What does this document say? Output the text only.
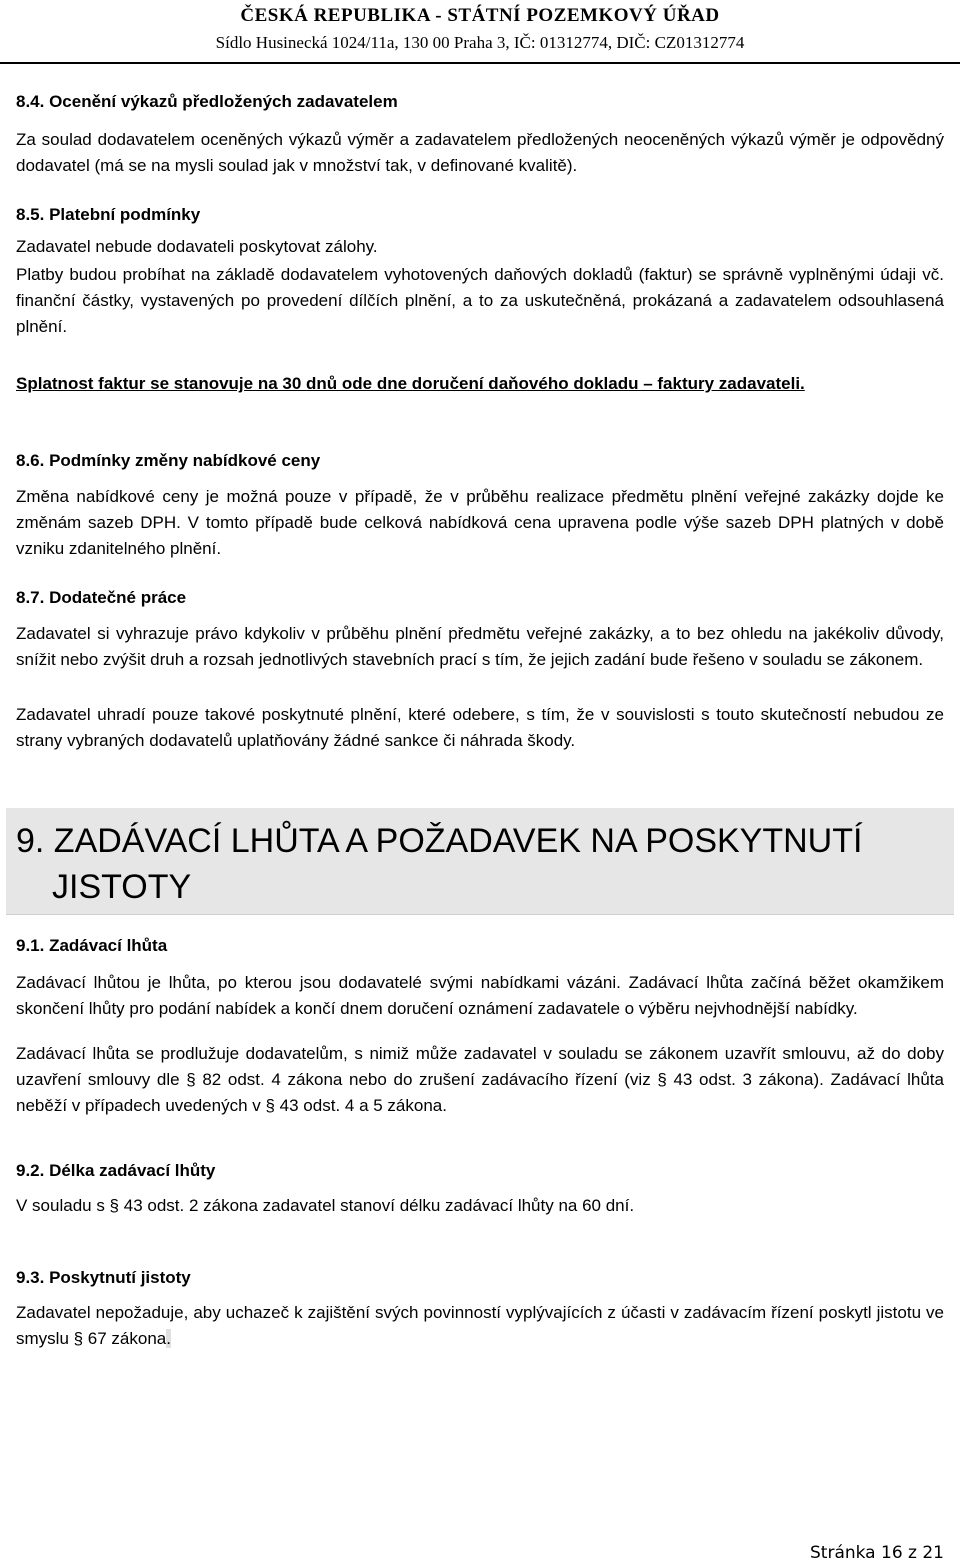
ČESKÁ REPUBLIKA - STÁTNÍ POZEMKOVÝ ÚŘAD
Sídlo Husinecká 1024/11a, 130 00 Praha 3, IČ: 01312774, DIČ: CZ01312774
8.4. Ocenění výkazů předložených zadavatelem

Za soulad dodavatelem oceněných výkazů výměr a zadavatelem předložených neoceněných výkazů výměr je odpovědný dodavatel (má se na mysli soulad jak v množství tak, v definované kvalitě).

8.5. Platební podmínky

Zadavatel nebude dodavateli poskytovat zálohy.

Platby budou probíhat na základě dodavatelem vyhotovených daňových dokladů (faktur) se správně vyplněnými údaji vč. finanční částky, vystavených po provedení dílčích plnění, a to za uskutečněná, prokázaná a zadavatelem odsouhlasená plnění.

Splatnost faktur se stanovuje na 30 dnů ode dne doručení daňového dokladu – faktury zadavateli.

8.6. Podmínky změny nabídkové ceny

Změna nabídkové ceny je možná pouze v případě, že v průběhu realizace předmětu plnění veřejné zakázky dojde ke změnám sazeb DPH. V tomto případě bude celková nabídková cena upravena podle výše sazeb DPH platných v době vzniku zdanitelného plnění.

8.7. Dodatečné práce

Zadavatel si vyhrazuje právo kdykoliv v průběhu plnění předmětu veřejné zakázky, a to bez ohledu na jakékoliv důvody, snížit nebo zvýšit druh a rozsah jednotlivých stavebních prací s tím, že jejich zadání bude řešeno v souladu se zákonem.

Zadavatel uhradí pouze takové poskytnuté plnění, které odebere, s tím, že v souvislosti s touto skutečností nebudou ze strany vybraných dodavatelů uplatňovány žádné sankce či náhrada škody.

9. ZADÁVACÍ LHŮTA A POŽADAVEK NA POSKYTNUTÍ
JISTOTY
9.1. Zadávací lhůta

Zadávací lhůtou je lhůta, po kterou jsou dodavatelé svými nabídkami vázáni. Zadávací lhůta začíná běžet okamžikem skončení lhůty pro podání nabídek a končí dnem doručení oznámení zadavatele o výběru nejvhodnější nabídky.

Zadávací lhůta se prodlužuje dodavatelům, s nimiž může zadavatel v souladu se zákonem uzavřít smlouvu, až do doby uzavření smlouvy dle § 82 odst. 4 zákona nebo do zrušení zadávacího řízení (viz § 43 odst. 3 zákona). Zadávací lhůta neběží v případech uvedených v § 43 odst. 4 a 5 zákona.

9.2. Délka zadávací lhůty

V souladu s § 43 odst. 2 zákona zadavatel stanoví délku zadávací lhůty na 60 dní.

9.3. Poskytnutí jistoty

Zadavatel nepožaduje, aby uchazeč k zajištění svých povinností vyplývajících z účasti v zadávacím řízení poskytl jistotu ve smyslu § 67 zákona.

Stránka 16 z 21
